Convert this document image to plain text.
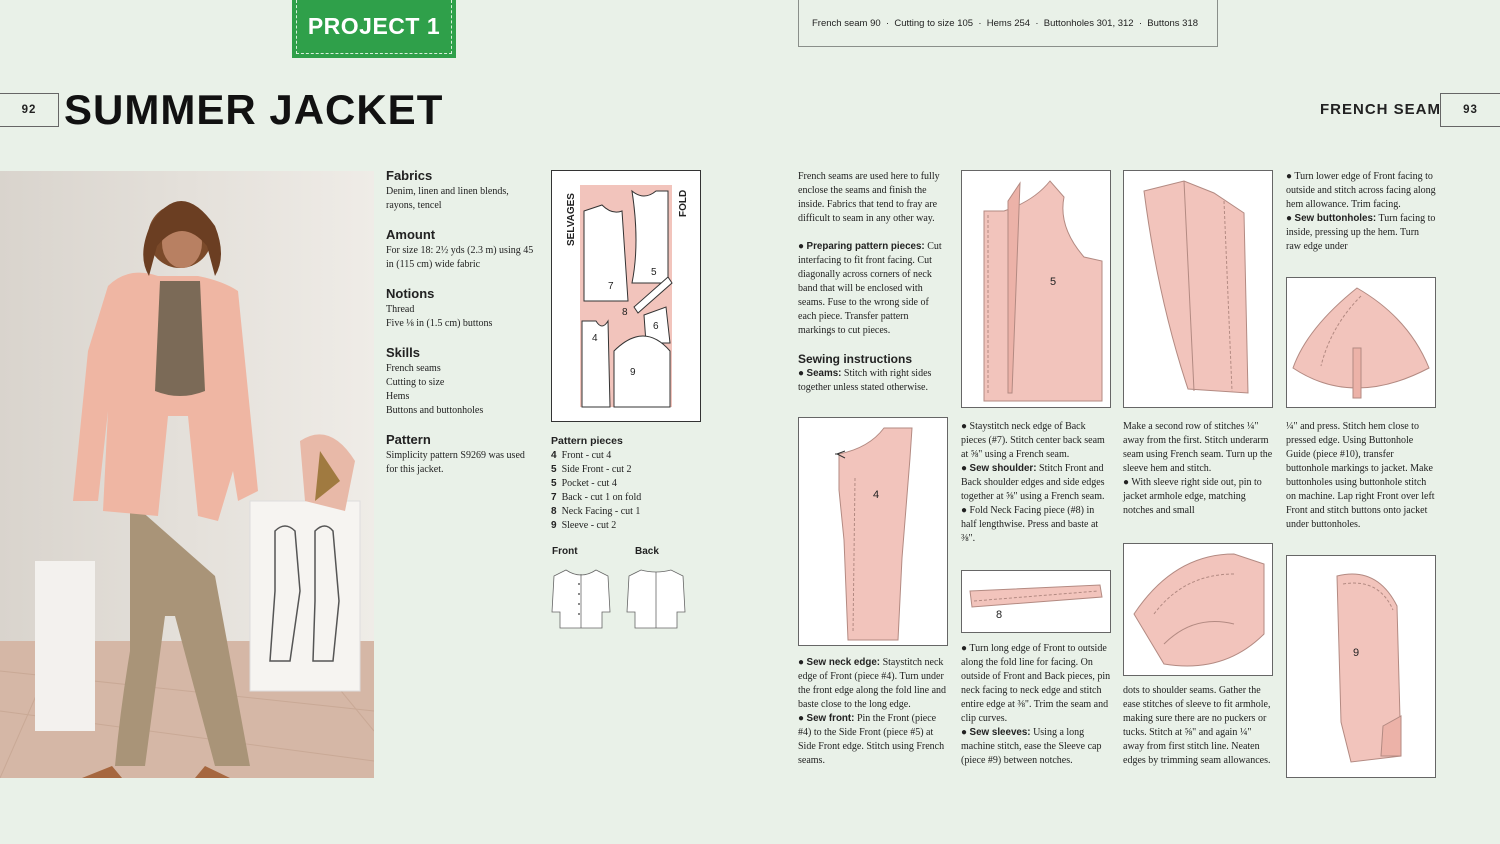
PROJECT 1	French seam 90  ·  Cutting to size 105  ·  Hems 254  ·  Buttonholes 301, 312  ·  Buttons 318
92 SUMMER JACKET	FRENCH SEAM 93
Fabrics

Denim, linen and linen blends, rayons, tencel

Amount

For size 18: 2½ yds (2.3 m) using 45 in (115 cm) wide fabric

Notions

Thread

Five ⅛ in (1.5 cm) buttons

Skills

French seams

Cutting to size

Hems

Buttons and buttonholes

Pattern

Simplicity pattern S9269 was used for this jacket.

SELVAGES	FOLD
7
5
8
6
4
9
Pattern pieces
4 Front - cut 4
5 Side Front - cut 2
5 Pocket - cut 4
7 Back - cut 1 on fold
8 Neck Facing - cut 1
9 Sleeve - cut 2
Front	Back

French seams are used here to fully enclose the seams and finish the inside. Fabrics that tend to fray are difficult to seam in any other way.

● Preparing pattern pieces: Cut interfacing to fit front facing. Cut diagonally across corners of neck band that will be enclosed with seams. Fuse to the wrong side of each piece. Transfer pattern markings to cut pieces.

Sewing instructions

● Seams: Stitch with right sides together unless stated otherwise.

4

● Sew neck edge: Staystitch neck edge of Front (piece #4). Turn under the front edge along the fold line and baste close to the long edge.

● Sew front: Pin the Front (piece #4) to the Side Front (piece #5) at Side Front edge. Stitch using French seams.

5

● Staystitch neck edge of Back pieces (#7). Stitch center back seam at ⅝" using a French seam.

● Sew shoulder: Stitch Front and Back shoulder edges and side edges together at ⅝" using a French seam.

● Fold Neck Facing piece (#8) in half lengthwise. Press and baste at ⅜".

8

● Turn long edge of Front to outside along the fold line for facing. On outside of Front and Back pieces, pin neck facing to neck edge and stitch entire edge at ⅜". Trim the seam and clip curves.

● Sew sleeves: Using a long machine stitch, ease the Sleeve cap (piece #9) between notches.

Make a second row of stitches ¼" away from the first. Stitch underarm seam using French seam. Turn up the sleeve hem and stitch.

● With sleeve right side out, pin to jacket armhole edge, matching notches and small

dots to shoulder seams. Gather the ease stitches of sleeve to fit armhole, making sure there are no puckers or tucks. Stitch at ⅝" and again ¼" away from first stitch line. Neaten edges by trimming seam allowances.

● Turn lower edge of Front facing to outside and stitch across facing along hem allowance. Trim facing.

● Sew buttonholes: Turn facing to inside, pressing up the hem. Turn raw edge under

¼" and press. Stitch hem close to pressed edge. Using Buttonhole Guide (piece #10), transfer buttonhole markings to jacket. Make buttonholes using buttonhole stitch on machine. Lap right Front over left Front and stitch buttons onto jacket under buttonholes.

9
